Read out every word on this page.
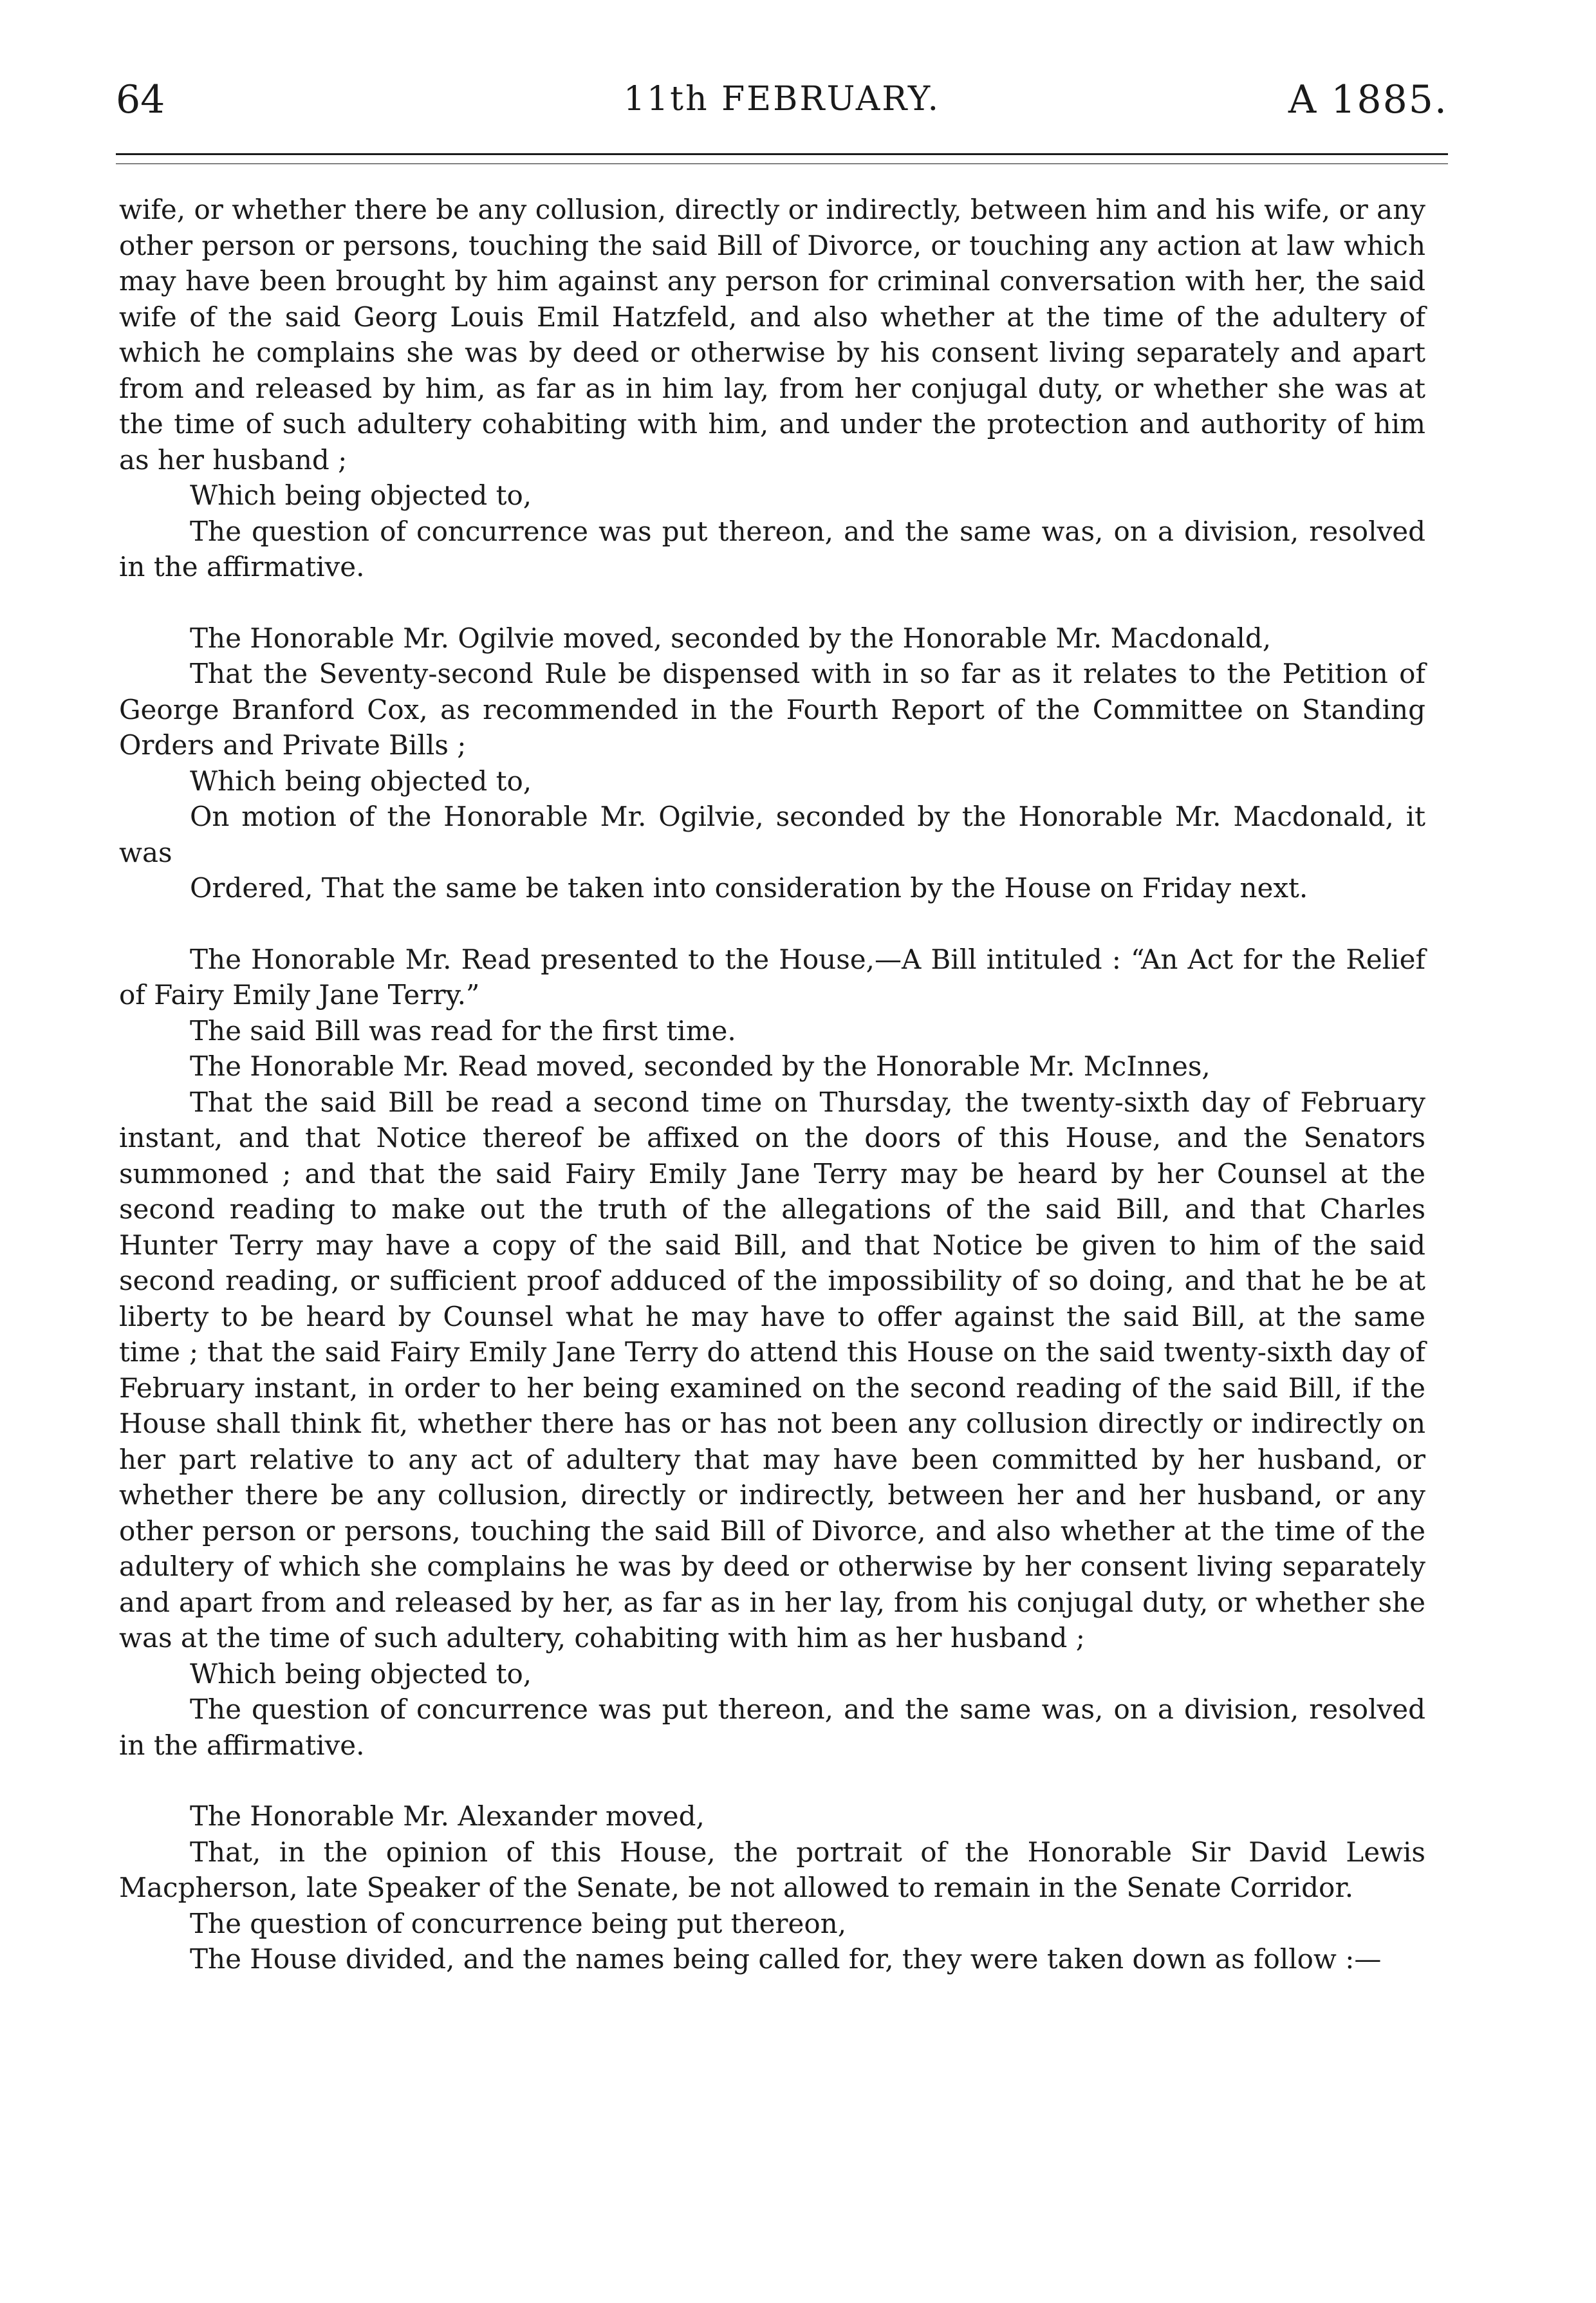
64	11th FEBRUARY.	A 1885.

wife, or whether there be any collusion, directly or indirectly, between him and his wife, or any other person or persons, touching the said Bill of Divorce, or touching any action at law which may have been brought by him against any person for criminal conversation with her, the said wife of the said Georg Louis Emil Hatzfeld, and also whether at the time of the adultery of which he complains she was by deed or otherwise by his consent living separately and apart from and released by him, as far as in him lay, from her conjugal duty, or whether she was at the time of such adultery cohabiting with him, and under the protection and authority of him as her husband ;

Which being objected to,

The question of concurrence was put thereon, and the same was, on a division, resolved in the affirmative.

The Honorable Mr. Ogilvie moved, seconded by the Honorable Mr. Macdonald,

That the Seventy-second Rule be dispensed with in so far as it relates to the Petition of George Branford Cox, as recommended in the Fourth Report of the Committee on Standing Orders and Private Bills ;

Which being objected to,

On motion of the Honorable Mr. Ogilvie, seconded by the Honorable Mr. Macdonald, it was

Ordered, That the same be taken into consideration by the House on Friday next.

The Honorable Mr. Read presented to the House,—A Bill intituled : “An Act for the Relief of Fairy Emily Jane Terry.”

The said Bill was read for the first time.

The Honorable Mr. Read moved, seconded by the Honorable Mr. McInnes,

That the said Bill be read a second time on Thursday, the twenty-sixth day of February instant, and that Notice thereof be affixed on the doors of this House, and the Senators summoned ; and that the said Fairy Emily Jane Terry may be heard by her Counsel at the second reading to make out the truth of the allegations of the said Bill, and that Charles Hunter Terry may have a copy of the said Bill, and that Notice be given to him of the said second reading, or sufficient proof adduced of the impossibility of so doing, and that he be at liberty to be heard by Counsel what he may have to offer against the said Bill, at the same time ; that the said Fairy Emily Jane Terry do attend this House on the said twenty-sixth day of February instant, in order to her being examined on the second reading of the said Bill, if the House shall think fit, whether there has or has not been any collusion directly or indirectly on her part relative to any act of adultery that may have been committed by her husband, or whether there be any collusion, directly or indirectly, between her and her husband, or any other person or persons, touching the said Bill of Divorce, and also whether at the time of the adultery of which she complains he was by deed or otherwise by her consent living separately and apart from and released by her, as far as in her lay, from his conjugal duty, or whether she was at the time of such adultery, cohabiting with him as her husband ;

Which being objected to,

The question of concurrence was put thereon, and the same was, on a division, resolved in the affirmative.

The Honorable Mr. Alexander moved,

That, in the opinion of this House, the portrait of the Honorable Sir David Lewis Macpherson, late Speaker of the Senate, be not allowed to remain in the Senate Corridor.

The question of concurrence being put thereon,

The House divided, and the names being called for, they were taken down as follow :—
